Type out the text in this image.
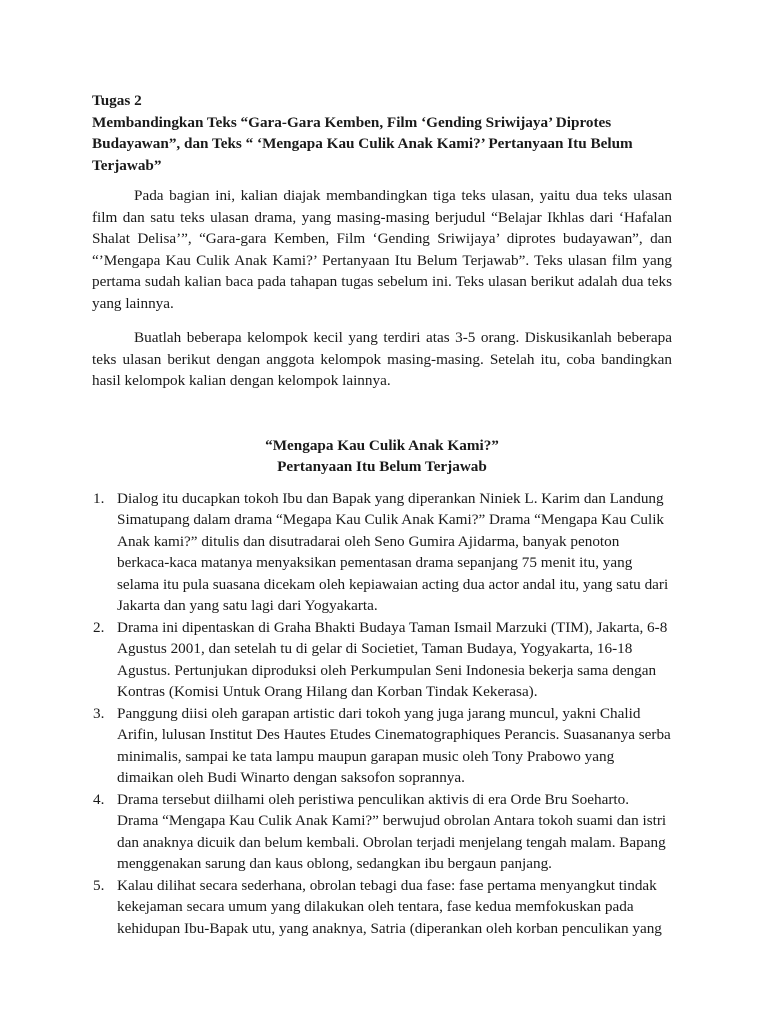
Tugas 2
Membandingkan Teks “Gara-Gara Kemben, Film ‘Gending Sriwijaya’ Diprotes
Budayawan”, dan Teks “ ‘Mengapa Kau Culik Anak Kami?’ Pertanyaan Itu Belum
Terjawab”

Pada bagian ini, kalian diajak membandingkan tiga teks ulasan, yaitu dua teks ulasan film dan satu teks ulasan drama, yang masing-masing berjudul “Belajar Ikhlas dari ‘Hafalan Shalat Delisa’”, “Gara-gara Kemben, Film ‘Gending Sriwijaya’ diprotes budayawan”, dan “’Mengapa Kau Culik Anak Kami?’ Pertanyaan Itu Belum Terjawab”. Teks ulasan film yang pertama sudah kalian baca pada tahapan tugas sebelum ini. Teks ulasan berikut adalah dua teks yang lainnya.

Buatlah beberapa kelompok kecil yang terdiri atas 3-5 orang. Diskusikanlah beberapa teks ulasan berikut dengan anggota kelompok masing-masing. Setelah itu, coba bandingkan hasil kelompok kalian dengan kelompok lainnya.

“Mengapa Kau Culik Anak Kami?”
Pertanyaan Itu Belum Terjawab

1. Dialog itu ducapkan tokoh Ibu dan Bapak yang diperankan Niniek L. Karim dan Landung Simatupang dalam drama “Megapa Kau Culik Anak Kami?” Drama “Mengapa Kau Culik Anak kami?” ditulis dan disutradarai oleh Seno Gumira Ajidarma, banyak penoton berkaca-kaca matanya menyaksikan pementasan drama sepanjang 75 menit itu, yang selama itu pula suasana dicekam oleh kepiawaian acting dua actor andal itu, yang satu dari Jakarta dan yang satu lagi dari Yogyakarta.
2. Drama ini dipentaskan di Graha Bhakti Budaya Taman Ismail Marzuki (TIM), Jakarta, 6-8 Agustus 2001, dan setelah tu di gelar di Societiet, Taman Budaya, Yogyakarta, 16-18 Agustus. Pertunjukan diproduksi oleh Perkumpulan Seni Indonesia bekerja sama dengan Kontras (Komisi Untuk Orang Hilang dan Korban Tindak Kekerasa).
3. Panggung diisi oleh garapan artistic dari tokoh yang juga jarang muncul, yakni Chalid Arifin, lulusan Institut Des Hautes Etudes Cinematographiques Perancis. Suasananya serba minimalis, sampai ke tata lampu maupun garapan music oleh Tony Prabowo yang dimaikan oleh Budi Winarto dengan saksofon soprannya.
4. Drama tersebut diilhami oleh peristiwa penculikan aktivis di era Orde Bru Soeharto. Drama “Mengapa Kau Culik Anak Kami?” berwujud obrolan Antara tokoh suami dan istri dan anaknya dicuik dan belum kembali. Obrolan terjadi menjelang tengah malam. Bapang menggenakan sarung dan kaus oblong, sedangkan ibu bergaun panjang.
5. Kalau dilihat secara sederhana, obrolan tebagi dua fase: fase pertama menyangkut tindak kekejaman secara umum yang dilakukan oleh tentara, fase kedua memfokuskan pada kehidupan Ibu-Bapak utu, yang anaknya, Satria (diperankan oleh korban penculikan yang
